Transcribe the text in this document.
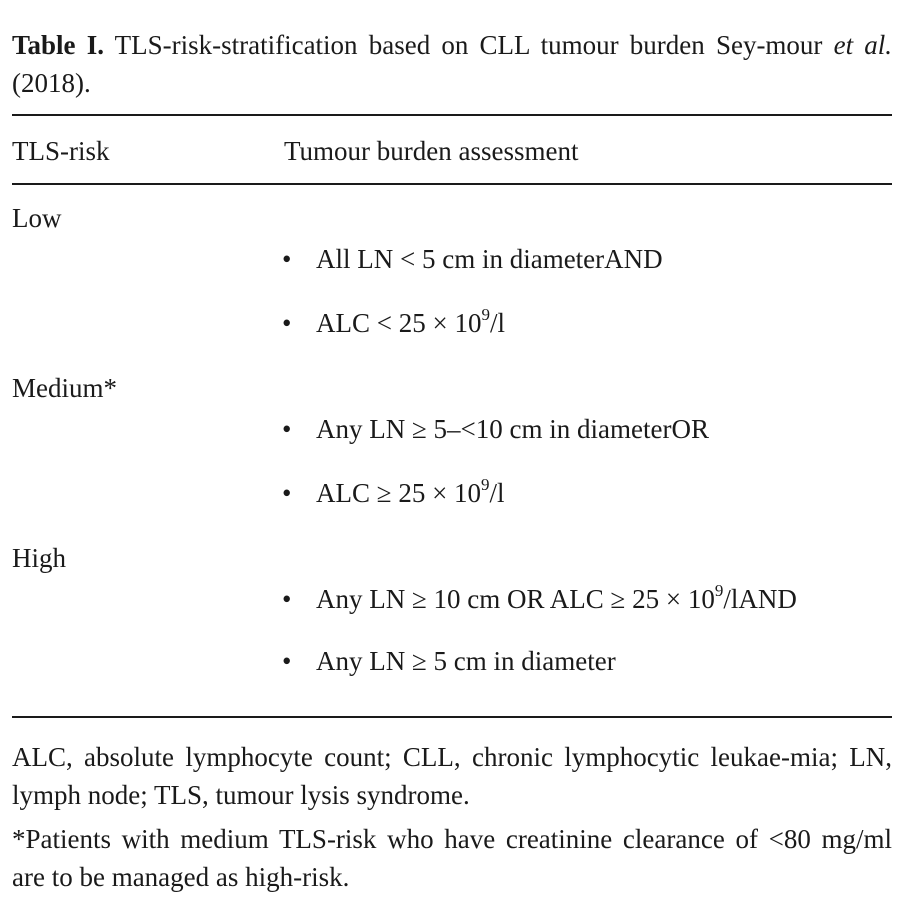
Table I. TLS-risk-stratification based on CLL tumour burden Sey-mour et al. (2018).
TLS-risk	Tumour burden assessment
Low
• All LN < 5 cm in diameterAND
• ALC < $25 \times 10^9/l$
Medium*
• Any LN ≥ 5–<10 cm in diameterOR
• ALC ≥ $25 \times 10^9/l$
High
• Any LN ≥ 10 cm OR ALC ≥ $25 \times 10^9$/lAND
• Any LN ≥ 5 cm in diameter
ALC, absolute lymphocyte count; CLL, chronic lymphocytic leukae-mia; LN, lymph node; TLS, tumour lysis syndrome.
*Patients with medium TLS-risk who have creatinine clearance of <80 mg/ml are to be managed as high-risk.
